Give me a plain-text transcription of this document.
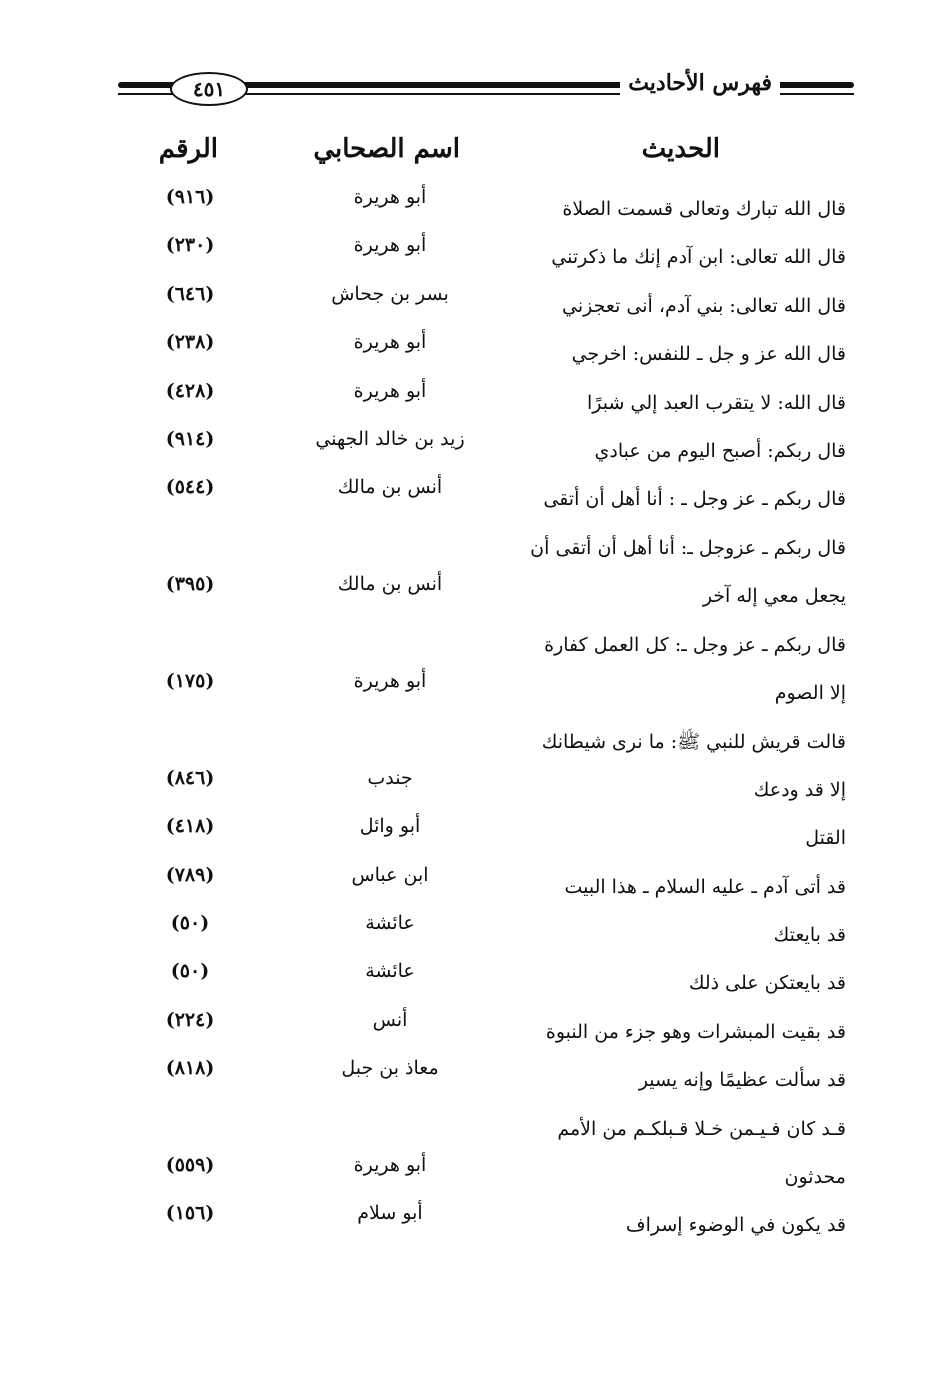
فهرس الأحاديث
٤٥١
الحديث
اسم الصحابي
الرقم
قال الله تبارك وتعالى قسمت الصلاة
أبو هريرة
(٩١٦)
قال الله تعالى: ابن آدم إنك ما ذكرتني
أبو هريرة
(٢٣٠)
قال الله تعالى: بني آدم، أنى تعجزني
بسر بن جحاش
(٦٤٦)
قال الله عز و جل ـ للنفس: اخرجي
أبو هريرة
(٢٣٨)
قال الله: لا يتقرب العبد إلي شبرًا
أبو هريرة
(٤٢٨)
قال ربكم: أصبح اليوم من عبادي
زيد بن خالد الجهني
(٩١٤)
قال ربكم ـ عز وجل ـ : أنا أهل أن أتقى
أنس بن مالك
(٥٤٤)
قال ربكم ـ عزوجل ـ: أنا أهل أن أتقى أن
يجعل معي إله آخر
أنس بن مالك
(٣٩٥)
قال ربكم ـ عز وجل ـ: كل العمل كفارة
إلا الصوم
أبو هريرة
(١٧٥)
قالت قريش للنبي ﷺ: ما نرى شيطانك
إلا قد ودعك
جندب
(٨٤٦)
القتل
أبو وائل
(٤١٨)
قد أتى آدم ـ عليه السلام ـ هذا البيت
ابن عباس
(٧٨٩)
قد بايعتك
عائشة
(٥٠)
قد بايعتكن على ذلك
عائشة
(٥٠)
قد بقيت المبشرات وهو جزء من النبوة
أنس
(٢٢٤)
قد سألت عظيمًا وإنه يسير
معاذ بن جبل
(٨١٨)
قـد كان فـيـمن خـلا قـبلكـم من الأمم
محدثون
أبو هريرة
(٥٥٩)
قد يكون في الوضوء إسراف
أبو سلام
(١٥٦)
